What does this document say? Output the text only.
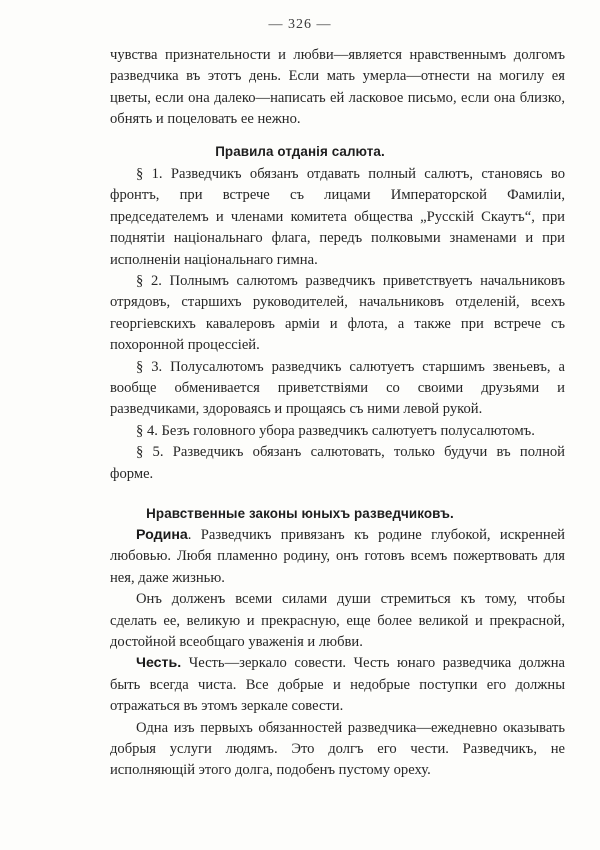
— 326 —

чувства признательности и любви—является нравственнымъ долгомъ разведчика въ этотъ день. Если мать умерла—отнести на могилу ея цветы, если она далеко—написать ей ласковое письмо, если она близко, обнять и поцеловать ее нежно.

Правила отданія салюта.

§ 1. Разведчикъ обязанъ отдавать полный салютъ, становясь во фронтъ, при встрече съ лицами Императорской Фамиліи, председателемъ и членами комитета общества „Русскій Скаутъ“, при поднятіи національнаго флага, передъ полковыми знаменами и при исполненіи національнаго гимна.

§ 2. Полнымъ салютомъ разведчикъ приветствуетъ начальниковъ отрядовъ, старшихъ руководителей, начальниковъ отделеній, всехъ георгіевскихъ кавалеровъ арміи и флота, а также при встрече съ похоронной процессіей.

§ 3. Полусалютомъ разведчикъ салютуетъ старшимъ звеньевъ, а вообще обменивается приветствіями со своими друзьями и разведчиками, здороваясь и прощаясь съ ними левой рукой.

§ 4. Безъ головного убора разведчикъ салютуетъ полусалютомъ.

§ 5. Разведчикъ обязанъ салютовать, только будучи въ полной форме.

Нравственные законы юныхъ разведчиковъ.

Родина. Разведчикъ привязанъ къ родине глубокой, искренней любовью. Любя пламенно родину, онъ готовъ всемъ пожертвовать для нея, даже жизнью.

Онъ долженъ всеми силами души стремиться къ тому, чтобы сделать ее, великую и прекрасную, еще более великой и прекрасной, достойной всеобщаго уваженія и любви.

Честь. Честь—зеркало совести. Честь юнаго разведчика должна быть всегда чиста. Все добрые и недобрые поступки его должны отражаться въ этомъ зеркале совести.

Одна изъ первыхъ обязанностей разведчика—ежедневно оказывать добрыя услуги людямъ. Это долгъ его чести. Разведчикъ, не исполняющій этого долга, подобенъ пустому ореху.
